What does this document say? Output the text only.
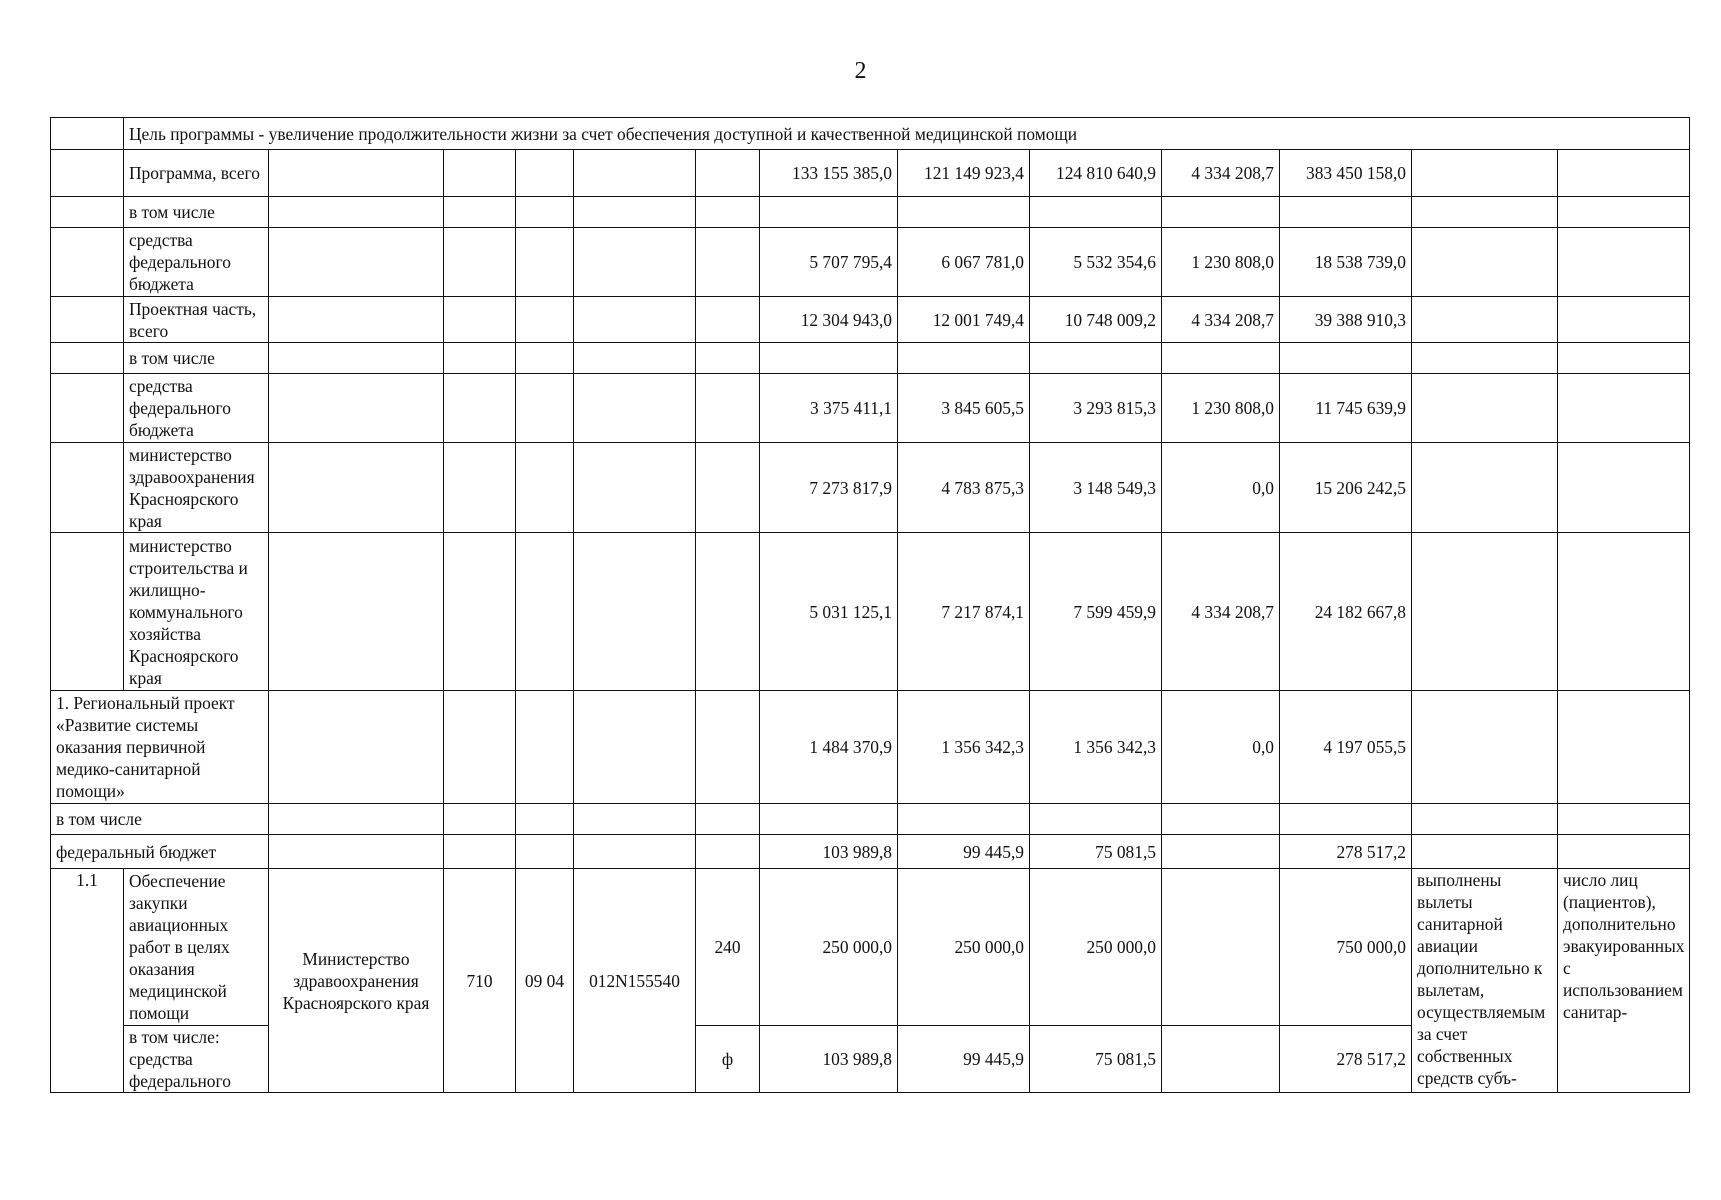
2
	Цель программы - увеличение продолжительности жизни за счет обеспечения доступной и качественной медицинской помощи												
	Программа, всего						133 155 385,0	121 149 923,4	124 810 640,9	4 334 208,7	383 450 158,0		
	в том числе												
	средства федерального бюджета						5 707 795,4	6 067 781,0	5 532 354,6	1 230 808,0	18 538 739,0		
	Проектная часть, всего						12 304 943,0	12 001 749,4	10 748 009,2	4 334 208,7	39 388 910,3		
	в том числе												
	средства федерального бюджета						3 375 411,1	3 845 605,5	3 293 815,3	1 230 808,0	11 745 639,9		
	министерство здравоохранения Красноярского края						7 273 817,9	4 783 875,3	3 148 549,3	0,0	15 206 242,5		
	министерство строительства и жилищно-коммунального хозяйства Красноярского края						5 031 125,1	7 217 874,1	7 599 459,9	4 334 208,7	24 182 667,8		
1. Региональный проект «Развитие системы оказания первичной медико-санитарной помощи»							1 484 370,9	1 356 342,3	1 356 342,3	0,0	4 197 055,5		
в том числе													
федеральный бюджет							103 989,8	99 445,9	75 081,5		278 517,2		
1.1	Обеспечение закупки авиационных работ в целях оказания медицинской помощи	Министерство здравоохранения Красноярского края	710	09 04	012N155540	240	250 000,0	250 000,0	250 000,0		750 000,0	выполнены вылеты санитарной авиации дополнительно к вылетам, осуществляемым за счет собственных средств субъ-	число лиц (пациентов), дополнительно эвакуированных с использованием санитар-
	в том числе: средства федерального					ф	103 989,8	99 445,9	75 081,5		278 517,2		
